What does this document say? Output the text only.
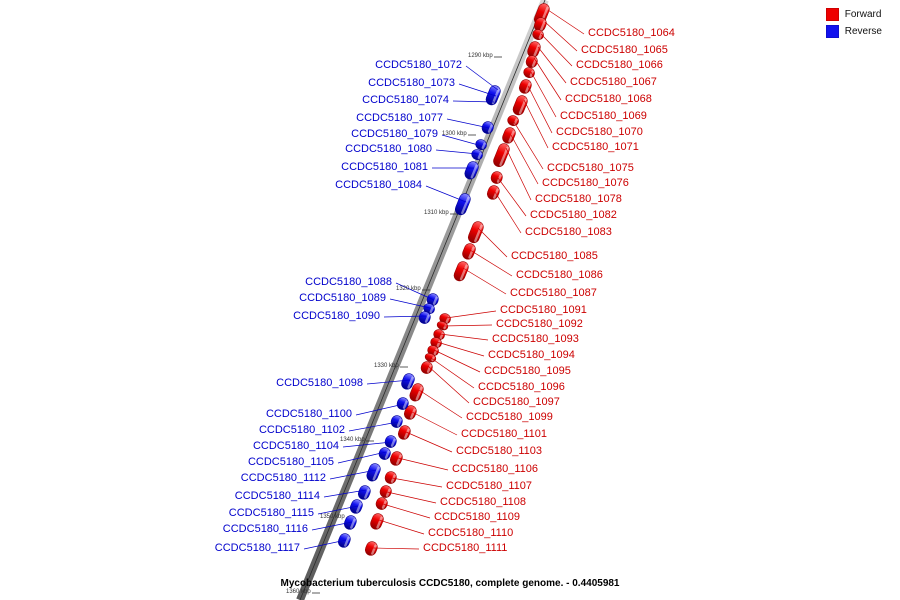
CCDC5180_1064
CCDC5180_1065
CCDC5180_1066
CCDC5180_1067
CCDC5180_1068
CCDC5180_1069
CCDC5180_1070
CCDC5180_1071
CCDC5180_1075
CCDC5180_1076
CCDC5180_1078
CCDC5180_1082
CCDC5180_1083
CCDC5180_1085
CCDC5180_1086
CCDC5180_1087
CCDC5180_1091
CCDC5180_1092
CCDC5180_1093
CCDC5180_1094
CCDC5180_1095
CCDC5180_1096
CCDC5180_1097
CCDC5180_1099
CCDC5180_1101
CCDC5180_1103
CCDC5180_1106
CCDC5180_1107
CCDC5180_1108
CCDC5180_1109
CCDC5180_1110
CCDC5180_1111
CCDC5180_1072
CCDC5180_1073
CCDC5180_1074
CCDC5180_1077
CCDC5180_1079
CCDC5180_1080
CCDC5180_1081
CCDC5180_1084
CCDC5180_1088
CCDC5180_1089
CCDC5180_1090
CCDC5180_1098
CCDC5180_1100
CCDC5180_1102
CCDC5180_1104
CCDC5180_1105
CCDC5180_1112
CCDC5180_1114
CCDC5180_1115
CCDC5180_1116
CCDC5180_1117
1290 kbp
1300 kbp
1310 kbp
1320 kbp
1330 kbp
1340 kbp
1350 kbp
1360 kbp
Forward
Reverse
Mycobacterium tuberculosis CCDC5180, complete genome. - 0.4405981
